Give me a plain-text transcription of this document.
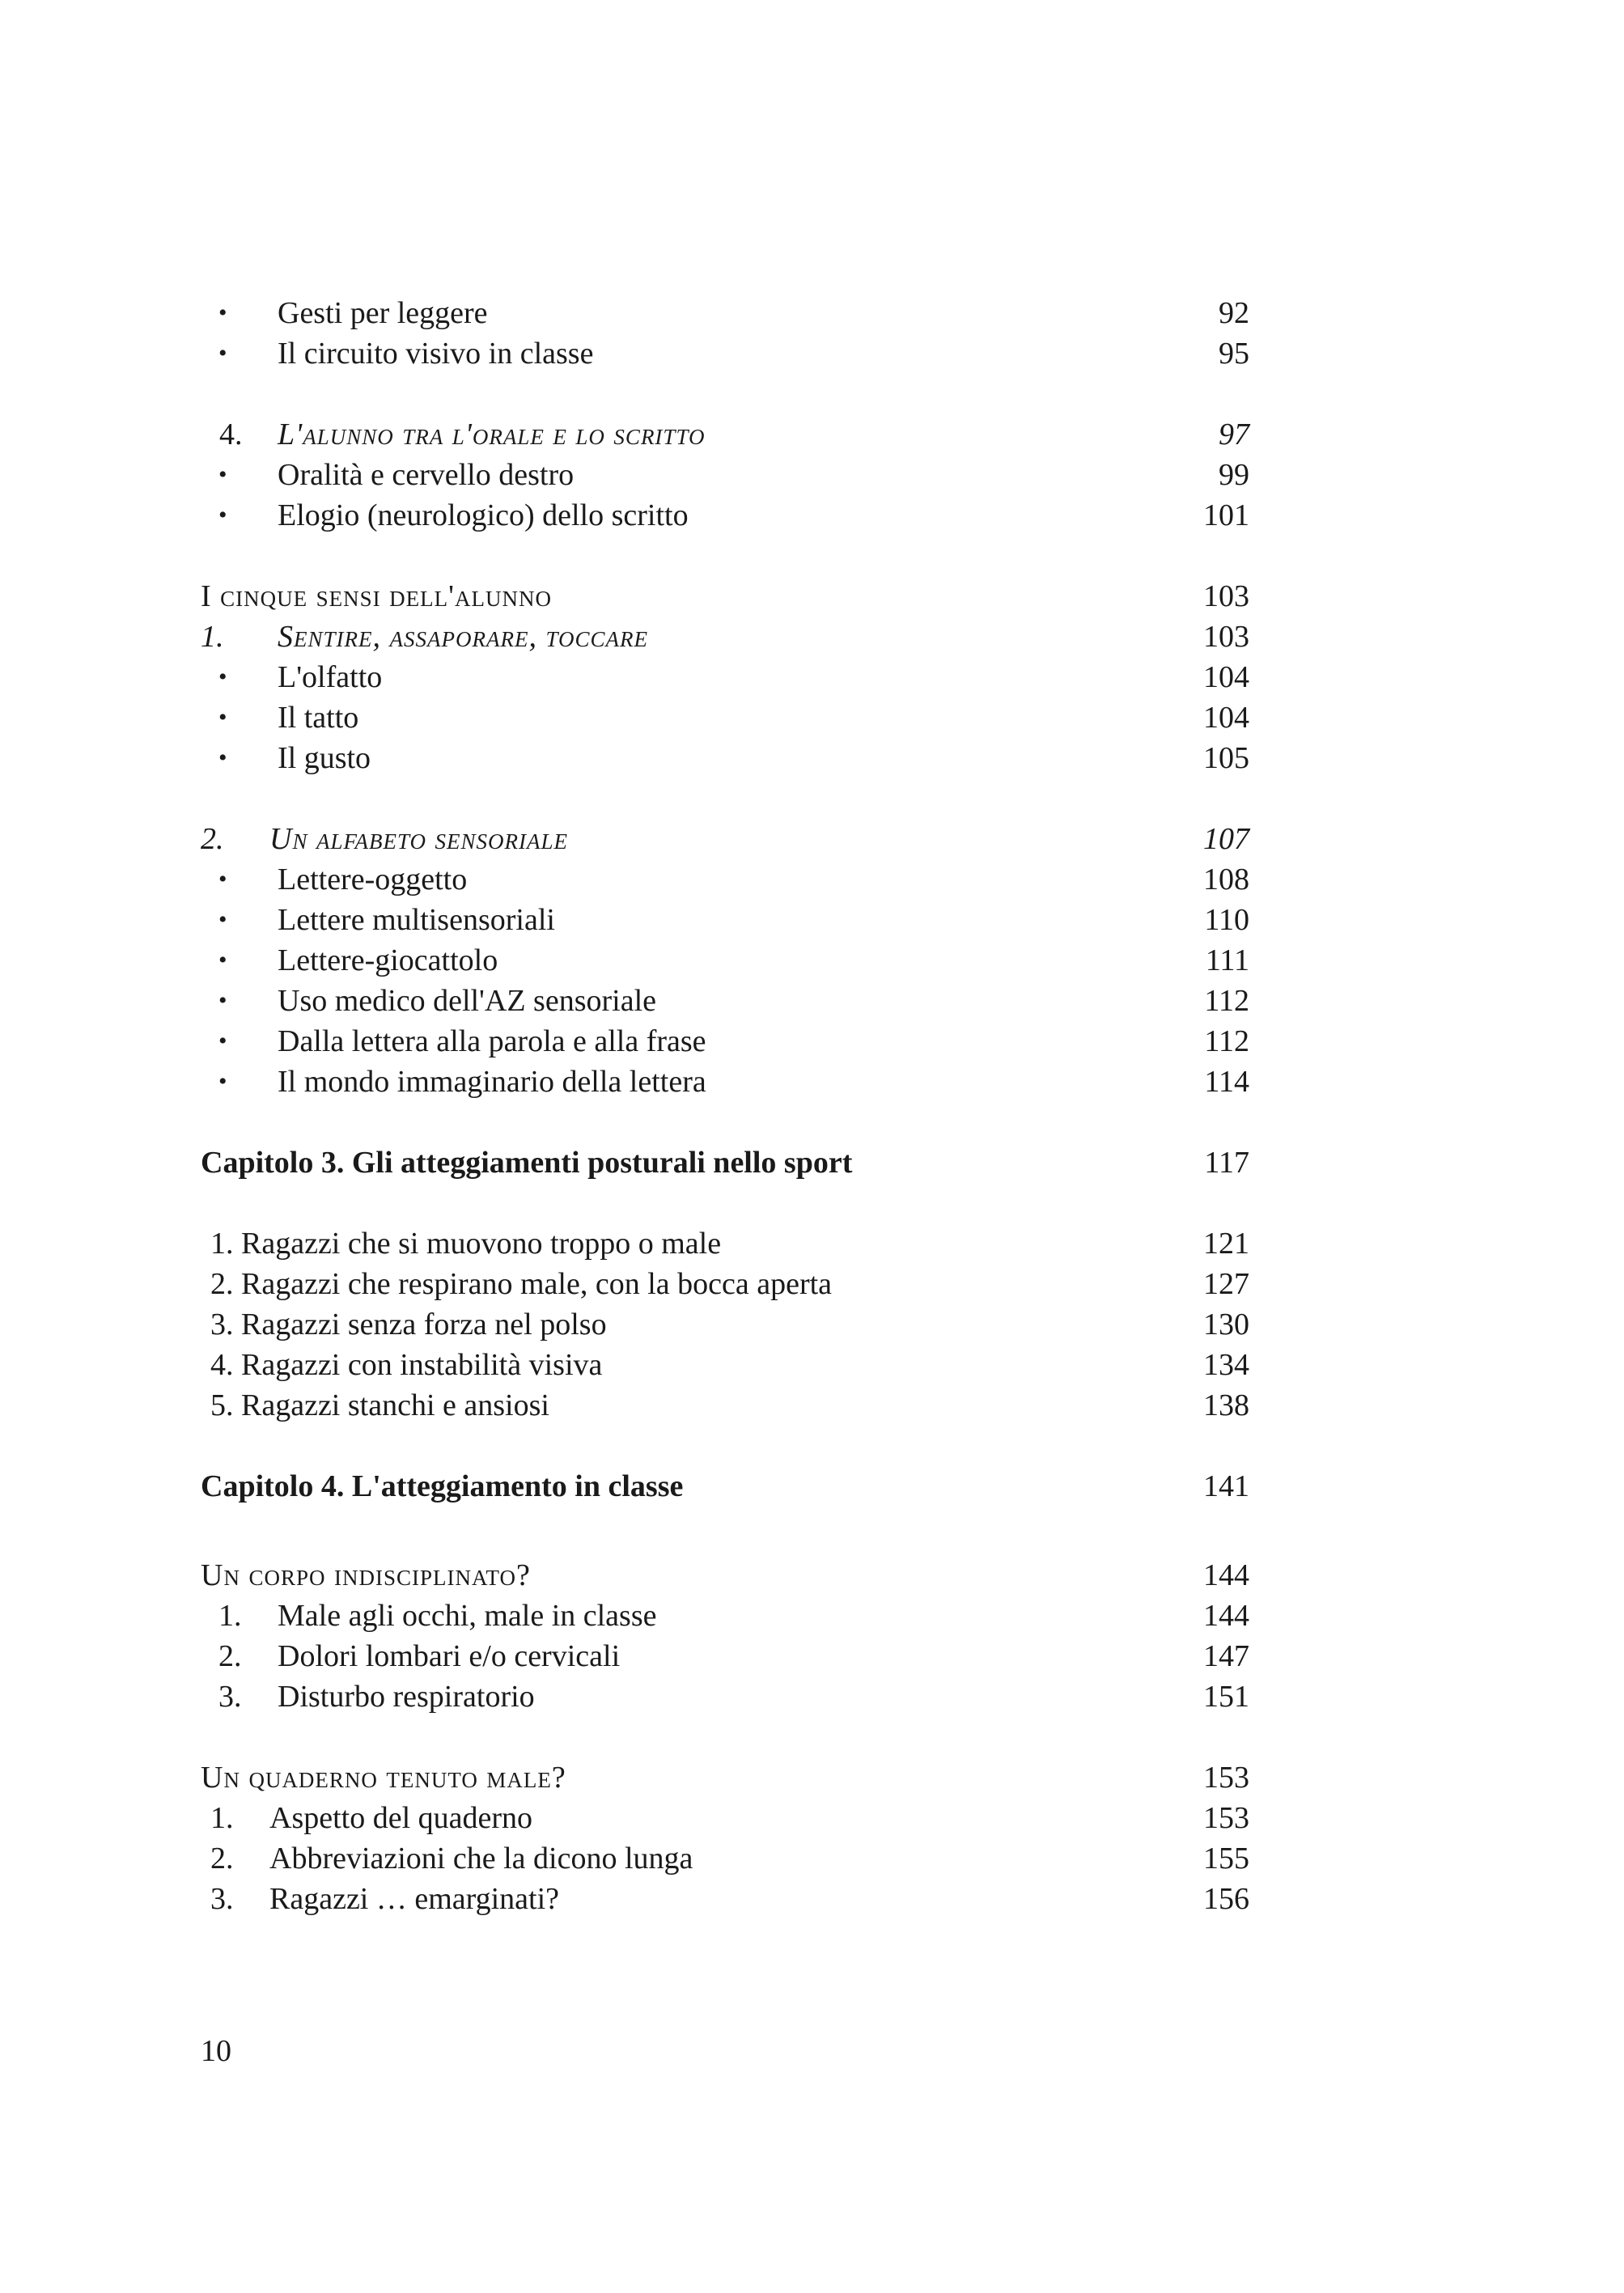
• Gesti per leggere	92
• Il circuito visivo in classe	95
4. L'alunno tra l'orale e lo scritto	97
• Oralità e cervello destro	99
• Elogio (neurologico) dello scritto	101
I cinque sensi dell'alunno	103
1. Sentire, assaporare, toccare	103
• L'olfatto	104
• Il tatto	104
• Il gusto	105
2. Un alfabeto sensoriale	107
• Lettere-oggetto	108
• Lettere multisensoriali	110
• Lettere-giocattolo	111
• Uso medico dell'AZ sensoriale	112
• Dalla lettera alla parola e alla frase	112
• Il mondo immaginario della lettera	114
Capitolo 3. Gli atteggiamenti posturali nello sport	117
1. Ragazzi che si muovono troppo o male	121
2. Ragazzi che respirano male, con la bocca aperta	127
3. Ragazzi senza forza nel polso	130
4. Ragazzi con instabilità visiva	134
5. Ragazzi stanchi e ansiosi	138
Capitolo 4. L'atteggiamento in classe	141
Un corpo indisciplinato?	144
1. Male agli occhi, male in classe	144
2. Dolori lombari e/o cervicali	147
3. Disturbo respiratorio	151
Un quaderno tenuto male?	153
1. Aspetto del quaderno	153
2. Abbreviazioni che la dicono lunga	155
3. Ragazzi … emarginati?	156
10
